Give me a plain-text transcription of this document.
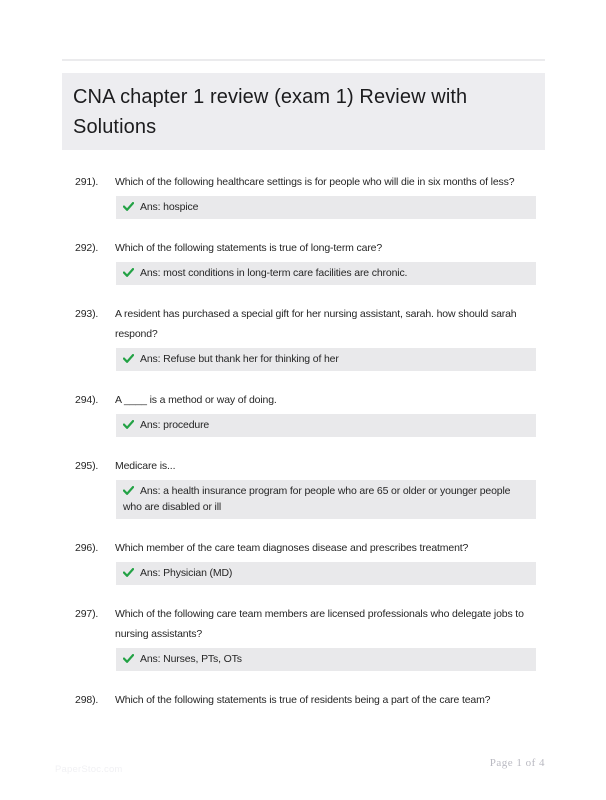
CNA chapter 1 review (exam 1) Review with Solutions
291).	Which of the following healthcare settings is for people who will die in six months of less?
Ans: hospice
292).	Which of the following statements is true of long-term care?
Ans: most conditions in long-term care facilities are chronic.
293).	A resident has purchased a special gift for her nursing assistant, sarah. how should sarah respond?
Ans: Refuse but thank her for thinking of her
294).	A ____ is a method or way of doing.
Ans: procedure
295).	Medicare is...
Ans: a health insurance program for people who are 65 or older or younger people who are disabled or ill
296).	Which member of the care team diagnoses disease and prescribes treatment?
Ans: Physician (MD)
297).	Which of the following care team members are licensed professionals who delegate jobs to nursing assistants?
Ans: Nurses, PTs, OTs
298).	Which of the following statements is true of residents being a part of the care team?
PaperStoc.com
Page 1 of 4
